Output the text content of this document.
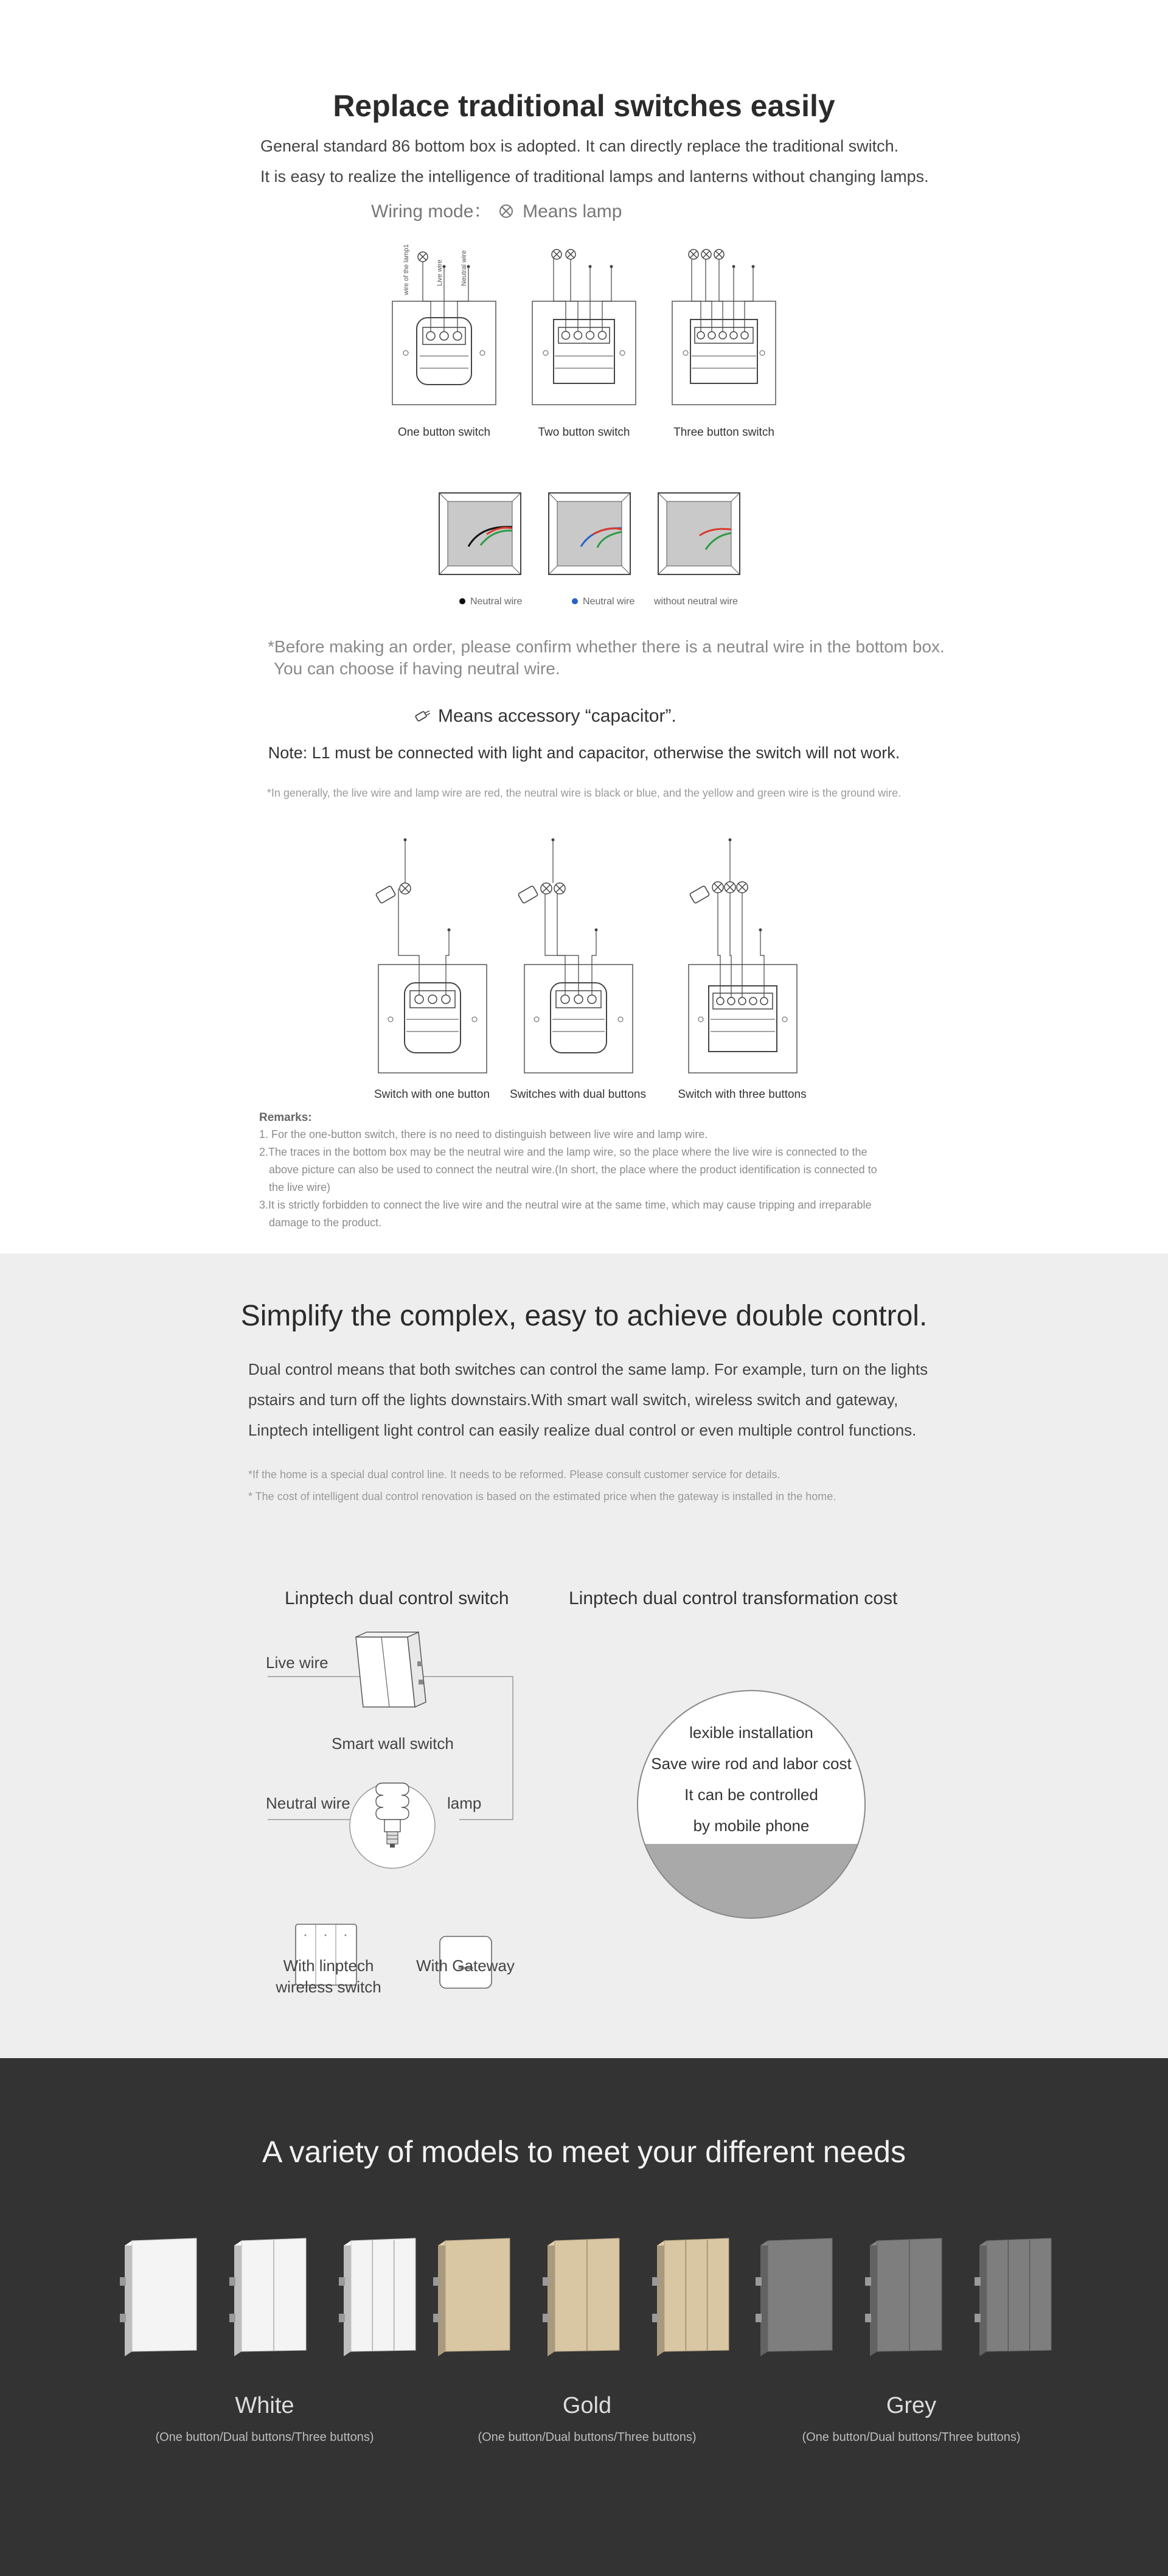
Replace traditional switches easily
General standard 86 bottom box is adopted. It can directly replace the traditional switch.
It is easy to realize the intelligence of traditional lamps and lanterns without changing lamps.
Wiring mode： Means lamp
wire of the lamp1	Live wire	Neutral wire
One button switch	Two button switch	Three button switch
Neutral wire	Neutral wire without neutral wire
*Before making an order, please confirm whether there is a neutral wire in the bottom box.
You can choose if having neutral wire.
Means accessory “capacitor”.
Note: L1 must be connected with light and capacitor, otherwise the switch will not work.
*In generally, the live wire and lamp wire are red, the neutral wire is black or blue, and the yellow and green wire is the ground wire.
Switch with one button	Switches with dual buttons	Switch with three buttons
Remarks:
1. For the one-button switch, there is no need to distinguish between live wire and lamp wire.
2.The traces in the bottom box may be the neutral wire and the lamp wire, so the place where the live wire is connected to the
above picture can also be used to connect the neutral wire.(In short, the place where the product identification is connected to
the live wire)
3.It is strictly forbidden to connect the live wire and the neutral wire at the same time, which may cause tripping and irreparable
damage to the product.
Simplify the complex, easy to achieve double control.
Dual control means that both switches can control the same lamp. For example, turn on the lights
pstairs and turn off the lights downstairs.With smart wall switch, wireless switch and gateway,
Linptech intelligent light control can easily realize dual control or even multiple control functions.
*If the home is a special dual control line. It needs to be reformed. Please consult customer service for details.
* The cost of intelligent dual control renovation is based on the estimated price when the gateway is installed in the home.
Linptech dual control switch	Linptech dual control transformation cost
Live wire
Smart wall switch
Neutral wire	lamp
With linptech
wireless switch
With Gateway
lexible installation
Save wire rod and labor cost
It can be controlled
by mobile phone
A variety of models to meet your different needs
White
(One button/Dual buttons/Three buttons)
Gold
(One button/Dual buttons/Three buttons)
Grey
(One button/Dual buttons/Three buttons)
